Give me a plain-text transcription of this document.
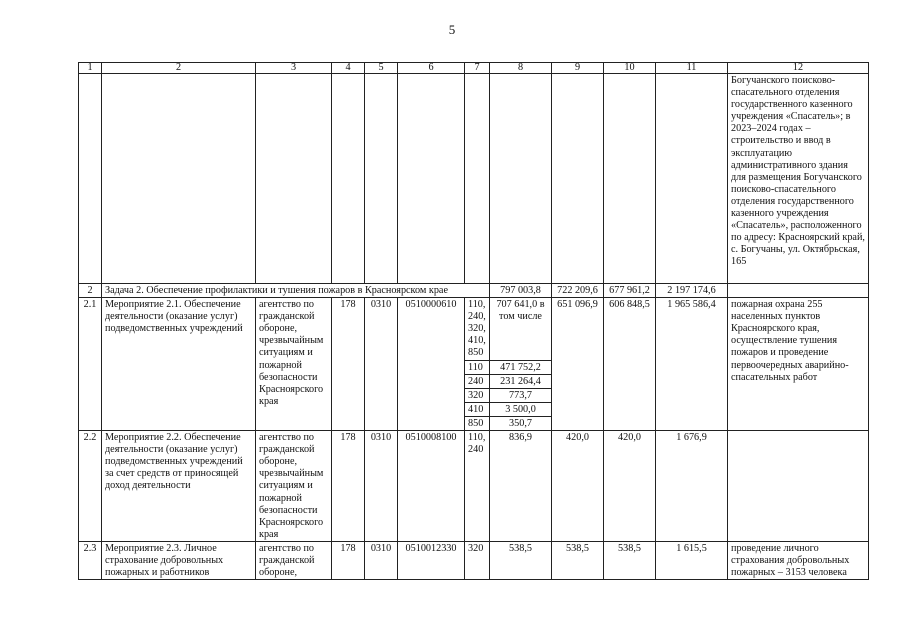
5
1	2	3	4	5	6	7	8	9	10	11	12
											Богучанского поисково-спасательного отделения государственного казенного учреждения «Спасатель»; в 2023–2024 годах – строительство и ввод в эксплуатацию административного здания для размещения Богучанского поисково-спасательного отделения государственного казенного учреждения «Спасатель», расположенного по адресу: Красноярский край, с. Богучаны, ул. Октябрьская, 165
2	Задача 2. Обеспечение профилактики и тушения пожаров в Красноярском крае						797 003,8	722 209,6	677 961,2	2 197 174,6	
2.1	Мероприятие 2.1. Обеспечение деятельности (оказание услуг) подведомственных учреждений	агентство по гражданской обороне, чрезвычайным ситуациям и пожарной безопасности Красноярского края	178	0310	0510000610	110, 240, 320, 410, 850	707 641,0 в том числе	651 096,9	606 848,5	1 965 586,4	пожарная охрана 255 населенных пунктов Красноярского края, осуществление тушения пожаров и проведение первоочередных аварийно-спасательных работ
						110	471 752,2				
						240	231 264,4				
						320	773,7				
						410	3 500,0				
						850	350,7				
2.2	Мероприятие 2.2. Обеспечение деятельности (оказание услуг) подведомственных учреждений за счет средств от приносящей доход деятельности	агентство по гражданской обороне, чрезвычайным ситуациям и пожарной безопасности Красноярского края	178	0310	0510008100	110, 240	836,9	420,0	420,0	1 676,9	
2.3	Мероприятие 2.3. Личное страхование добровольных пожарных и работников	агентство по гражданской обороне,	178	0310	0510012330	320	538,5	538,5	538,5	1 615,5	проведение личного страхования добровольных пожарных – 3153 человека
